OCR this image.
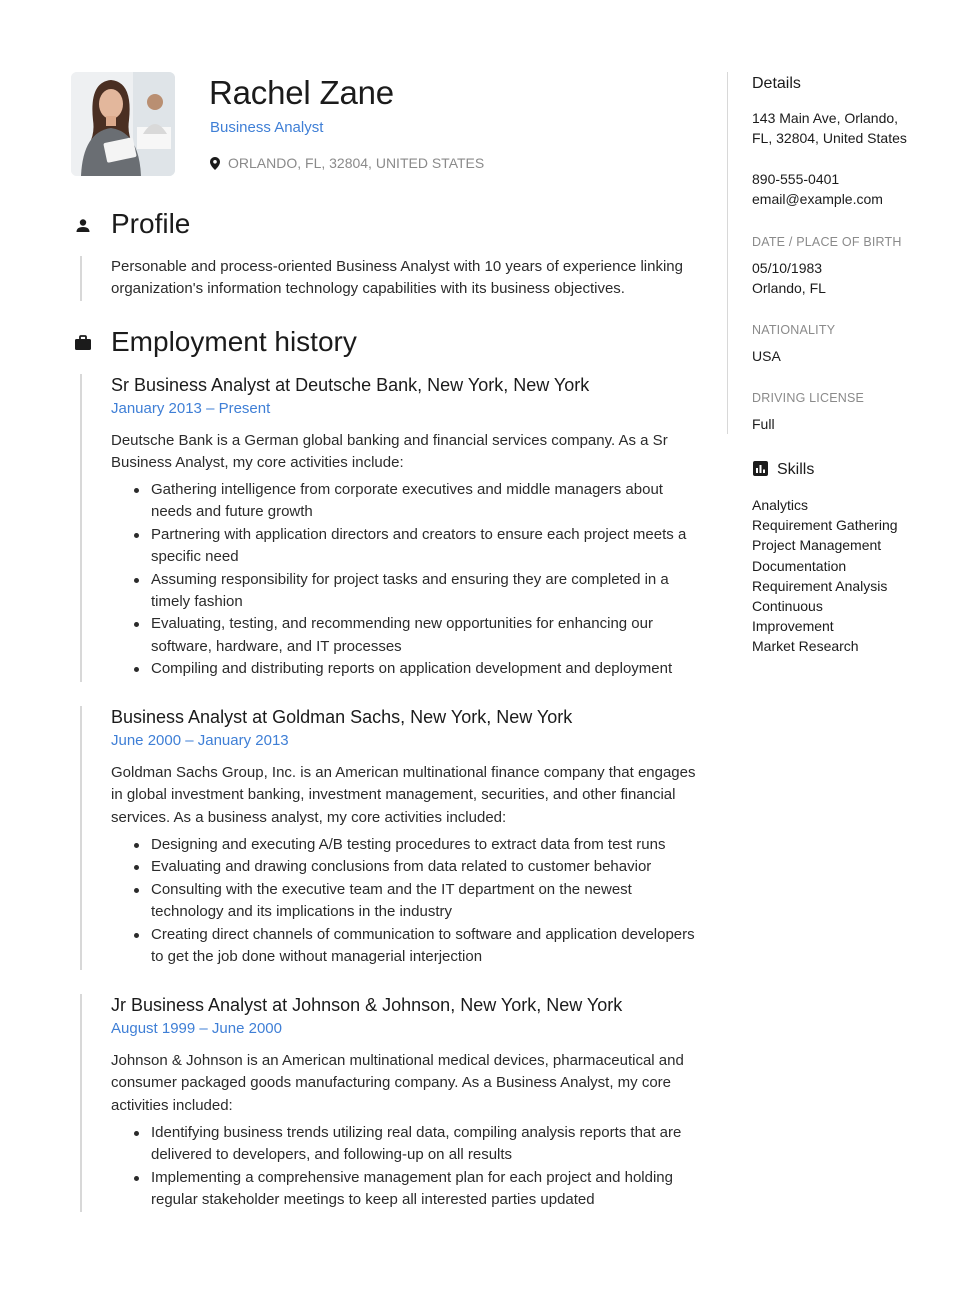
Rachel Zane
Business Analyst
ORLANDO, FL, 32804, UNITED STATES
Profile

Personable and process-oriented Business Analyst with 10 years of experience linking organization's information technology capabilities with its business objectives.

Employment history
Sr Business Analyst at Deutsche Bank, New York, New York
January 2013 – Present

Deutsche Bank is a German global banking and financial services company. As a Sr Business Analyst, my core activities include:

Gathering intelligence from corporate executives and middle managers about needs and future growth
Partnering with application directors and creators to ensure each project meets a specific need
Assuming responsibility for project tasks and ensuring they are completed in a timely fashion
Evaluating, testing, and recommending new opportunities for enhancing our software, hardware, and IT processes
Compiling and distributing reports on application development and deployment
Business Analyst at Goldman Sachs, New York, New York
June 2000 – January 2013

Goldman Sachs Group, Inc. is an American multinational finance company that engages in global investment banking, investment management, securities, and other financial services. As a business analyst, my core activities included:

Designing and executing A/B testing procedures to extract data from test runs
Evaluating and drawing conclusions from data related to customer behavior
Consulting with the executive team and the IT department on the newest technology and its implications in the industry
Creating direct channels of communication to software and application developers to get the job done without managerial interjection
Jr Business Analyst at Johnson & Johnson, New York, New York
August 1999 – June 2000

Johnson & Johnson is an American multinational medical devices, pharmaceutical and consumer packaged goods manufacturing company. As a Business Analyst, my core activities included:

Identifying business trends utilizing real data, compiling analysis reports that are delivered to developers, and following-up on all results
Implementing a comprehensive management plan for each project and holding regular stakeholder meetings to keep all interested parties updated
Details
143 Main Ave, Orlando, FL, 32804, United States
890-555-0401
email@example.com
DATE / PLACE OF BIRTH
05/10/1983
Orlando, FL
NATIONALITY
USA
DRIVING LICENSE
Full
Skills
Analytics
Requirement Gathering
Project Management
Documentation
Requirement Analysis
Continuous Improvement
Market Research
